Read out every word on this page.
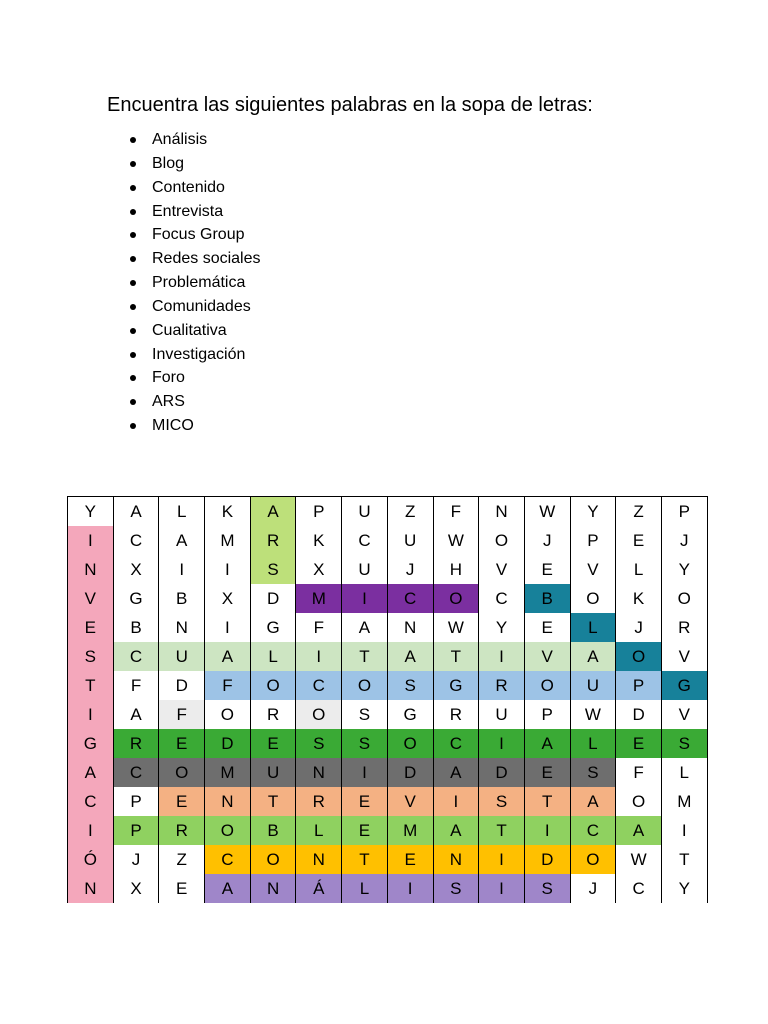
Encuentra las siguientes palabras en la sopa de letras:
Análisis
Blog
Contenido
Entrevista
Focus Group
Redes sociales
Problemática
Comunidades
Cualitativa
Investigación
Foro
ARS
MICO
Y	A	L	K	A	P	U	Z	F	N	W	Y	Z	P
I	C	A	M	R	K	C	U	W	O	J	P	E	J
N	X	I	I	S	X	U	J	H	V	E	V	L	Y
V	G	B	X	D	M	I	C	O	C	B	O	K	O
E	B	N	I	G	F	A	N	W	Y	E	L	J	R
S	C	U	A	L	I	T	A	T	I	V	A	O	V
T	F	D	F	O	C	O	S	G	R	O	U	P	G
I	A	F	O	R	O	S	G	R	U	P	W	D	V
G	R	E	D	E	S	S	O	C	I	A	L	E	S
A	C	O	M	U	N	I	D	A	D	E	S	F	L
C	P	E	N	T	R	E	V	I	S	T	A	O	M
I	P	R	O	B	L	E	M	A	T	I	C	A	I
Ó	J	Z	C	O	N	T	E	N	I	D	O	W	T
N	X	E	A	N	Á	L	I	S	I	S	J	C	Y
